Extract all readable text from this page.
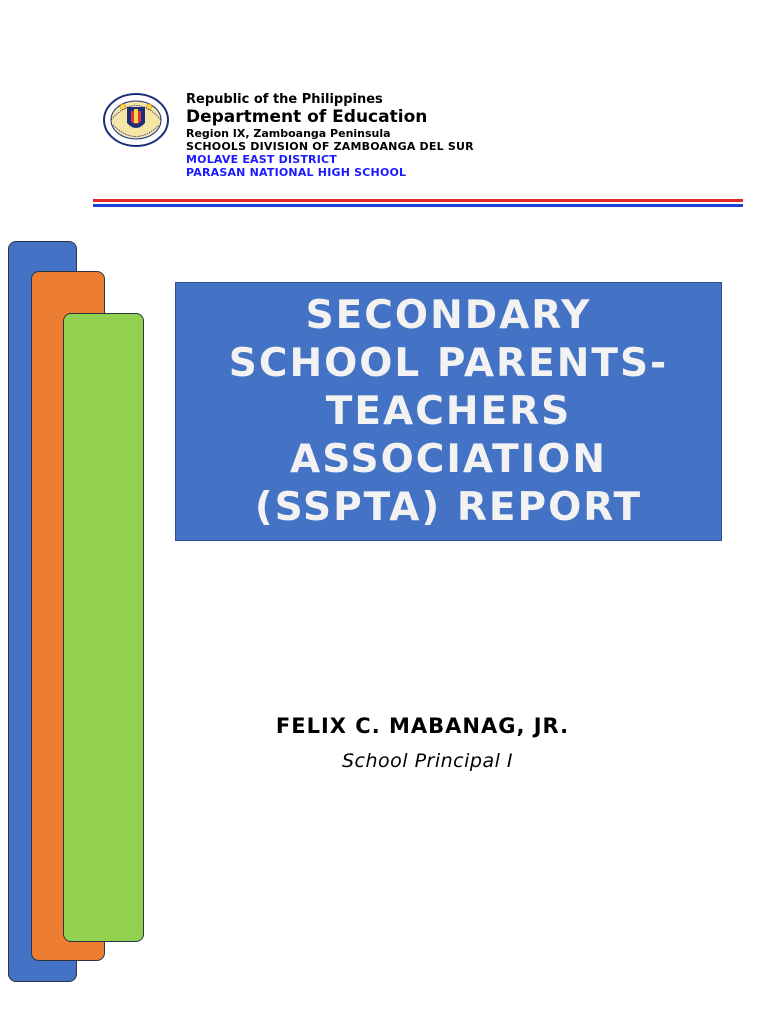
Republic of the Philippines
Department of Education
Region IX, Zamboanga Peninsula
SCHOOLS DIVISION OF ZAMBOANGA DEL SUR
MOLAVE EAST DISTRICT
PARASAN NATIONAL HIGH SCHOOL

SECONDARY
SCHOOL PARENTS-
TEACHERS
ASSOCIATION
(SSPTA) REPORT

FELIX C. MABANAG, JR.
School Principal I
